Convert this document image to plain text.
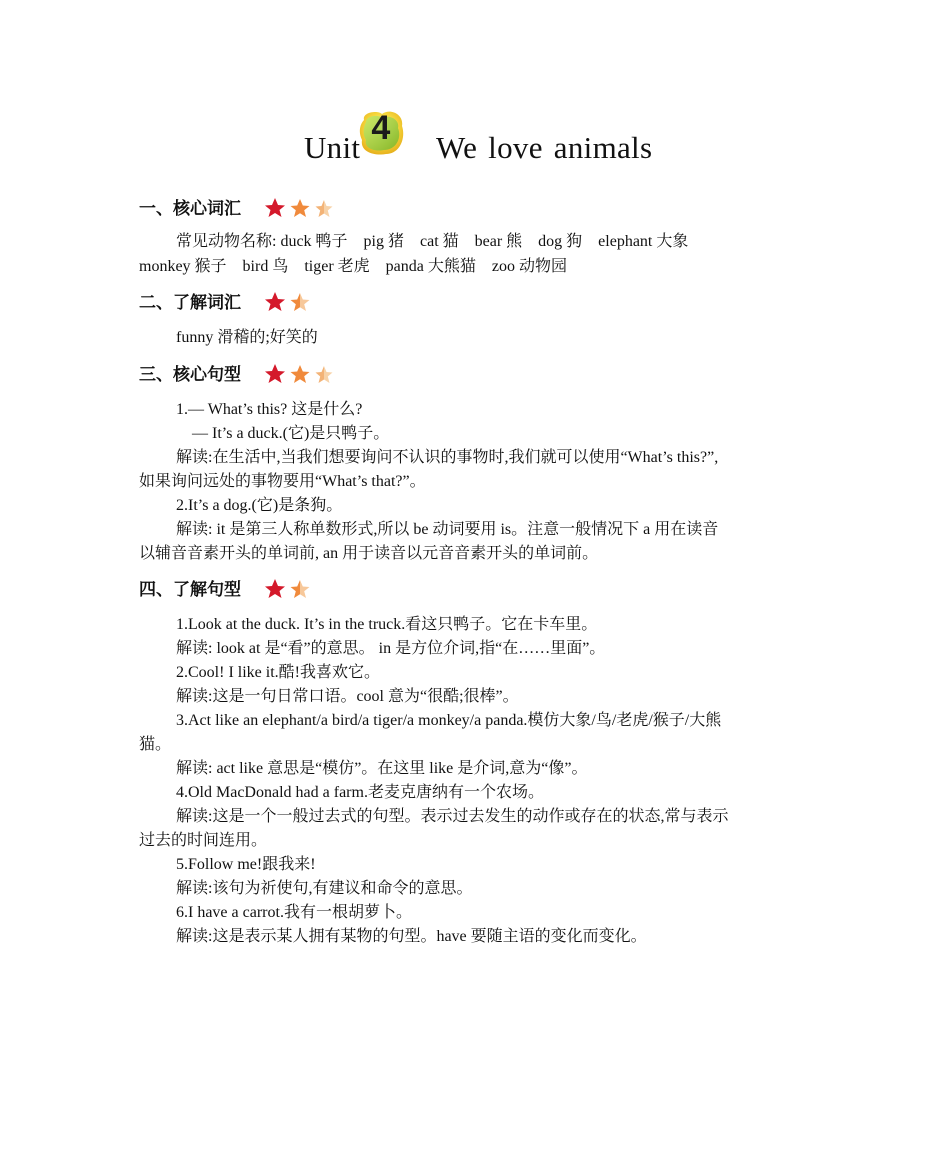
Unit
4
We love animals
一、核心词汇
常见动物名称: duck 鸭子　pig 猪　cat 猫　bear 熊　dog 狗　elephant 大象
monkey 猴子　bird 鸟　tiger 老虎　panda 大熊猫　zoo 动物园
二、了解词汇
funny 滑稽的;好笑的
三、核心句型
1.— What’s this? 这是什么?
— It’s a duck.(它)是只鸭子。
解读:在生活中,当我们想要询问不认识的事物时,我们就可以使用“What’s this?”,
如果询问远处的事物要用“What’s that?”。
2.It’s a dog.(它)是条狗。
解读: it 是第三人称单数形式,所以 be 动词要用 is。注意一般情况下 a 用在读音
以辅音音素开头的单词前, an 用于读音以元音音素开头的单词前。
四、了解句型
1.Look at the duck. It’s in the truck.看这只鸭子。它在卡车里。
解读: look at 是“看”的意思。 in 是方位介词,指“在……里面”。
2.Cool! I like it.酷!我喜欢它。
解读:这是一句日常口语。cool 意为“很酷;很棒”。
3.Act like an elephant/a bird/a tiger/a monkey/a panda.模仿大象/鸟/老虎/猴子/大熊
猫。
解读: act like 意思是“模仿”。在这里 like 是介词,意为“像”。
4.Old MacDonald had a farm.老麦克唐纳有一个农场。
解读:这是一个一般过去式的句型。表示过去发生的动作或存在的状态,常与表示
过去的时间连用。
5.Follow me!跟我来!
解读:该句为祈使句,有建议和命令的意思。
6.I have a carrot.我有一根胡萝卜。
解读:这是表示某人拥有某物的句型。have 要随主语的变化而变化。
